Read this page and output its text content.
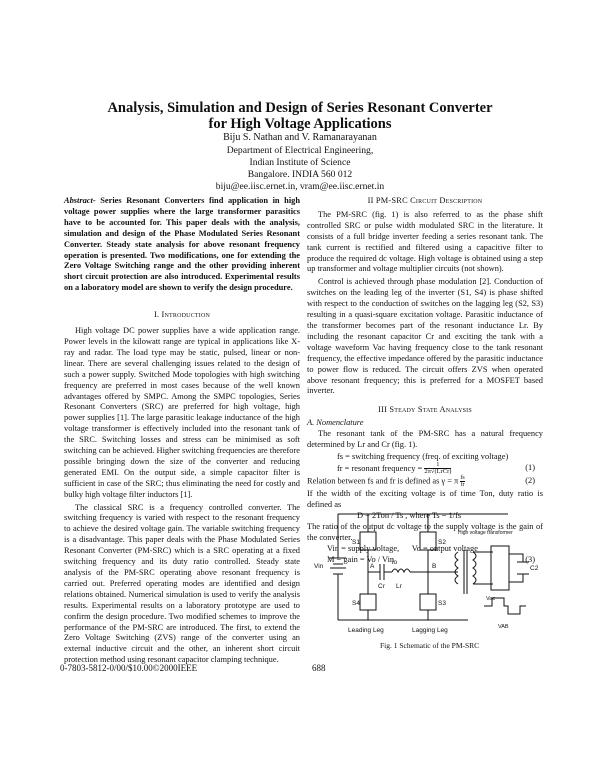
Analysis, Simulation and Design of Series Resonant Converter
for High Voltage Applications
Biju S. Nathan and V. Ramanarayanan
Department of Electrical Engineering,
Indian Institute of Science
Bangalore. INDIA 560 012
biju@ee.iisc.ernet.in, vram@ee.iisc.ernet.in

Abstract- Series Resonant Converters find application in high voltage power supplies where the large transformer parasitics have to be accounted for. This paper deals with the analysis, simulation and design of the Phase Modulated Series Resonant Converter. Steady state analysis for above resonant frequency operation is presented. Two modifications, one for extending the Zero Voltage Switching range and the other providing inherent short circuit protection are also introduced. Experimental results on a laboratory model are shown to verify the design procedure.

I. Introduction

High voltage DC power supplies have a wide application range. Power levels in the kilowatt range are typical in applications like X-ray and radar. The load type may be static, pulsed, linear or non-linear. There are several challenging issues related to the design of such a power supply. Switched Mode topologies with high switching frequency are preferred in most cases because of the well known advantages offered by SMPC. Among the SMPC topologies, Series Resonant Converters (SRC) are preferred for high voltage, high power supplies [1]. The large parasitic leakage inductance of the high voltage transformer is effectively included into the resonant tank of the SRC. Switching losses and stress can be minimised as soft switching can be achieved. Higher switching frequencies are therefore possible bringing down the size of the converter and reducing generated EMI. On the output side, a simple capacitor filter is sufficient in case of the SRC; thus eliminating the need for costly and bulky high voltage filter inductors [1].

The classical SRC is a frequency controlled converter. The switching frequency is varied with respect to the resonant frequency to achieve the desired voltage gain. The variable switching frequency is a disadvantage. This paper deals with the Phase Modulated Series Resonant Converter (PM-SRC) which is a SRC operating at a fixed switching frequency and its duty ratio controlled. Steady state analysis of the PM-SRC operating above resonant frequency is carried out. Preferred operating modes are identified and design relations obtained. Numerical simulation is used to verify the analysis results. Experimental results on a laboratory prototype are used to confirm the design procedure. Two modified schemes to improve the performance of the PM-SRC are introduced. The first, to extend the Zero Voltage Switching (ZVS) range of the converter using an external inductive circuit and the other, an inherent short circuit protection method using resonant capacitor clamping technique.

II PM-SRC Circuit Description

The PM-SRC (fig. 1) is also referred to as the phase shift controlled SRC or pulse width modulated SRC in the literature. It consists of a full bridge inverter feeding a series resonant tank. The tank current is rectified and filtered using a capacitive filter to produce the required dc voltage. High voltage is obtained using a step up transformer and voltage multiplier circuits (not shown).

Control is achieved through phase modulation [2]. Conduction of switches on the leading leg of the inverter (S1, S4) is phase shifted with respect to the conduction of switches on the lagging leg (S2, S3) resulting in a quasi-square excitation voltage. Parasitic inductance of the transformer becomes part of the resonant inductance Lr. By including the resonant capacitor Cr and exciting the tank with a voltage waveform Vac having frequency close to the tank resonant frequency, the effective impedance offered by the parasitic inductance to power flow is reduced. The circuit offers ZVS when operated above resonant frequency; this is preferred for a MOSFET based inverter.

III Steady State Analysis
A. Nomenclature

The resonant tank of the PM-SRC has a natural frequency determined by Lr and Cr (fig. 1).

fs = switching frequency (freq. of exciting voltage)
fr = resonant frequency =	1
2π√(LrCr)	(1)
Relation between fs and fr is defined as γ = π $\frac{fs}{fr}$	(2)
If the width of the exciting voltage is of time Ton, duty ratio is defined as
D = 2Ton / Ts , where Ts = 1/fs
The ratio of the output dc voltage to the supply voltage is the gain of the converter.
Vin = supply voltage, Vo = output voltage
M = gain = Vo / Vin	(3)
Vin
S1	S2
S3
S4
Cr Lr
A	B
io
C2
Vac
VAB
High voltage transformer
Leading Leg	Lagging Leg
Fig. 1 Schematic of the PM-SRC
0-7803-5812-0/00/$10.00©2000IEEE	688
